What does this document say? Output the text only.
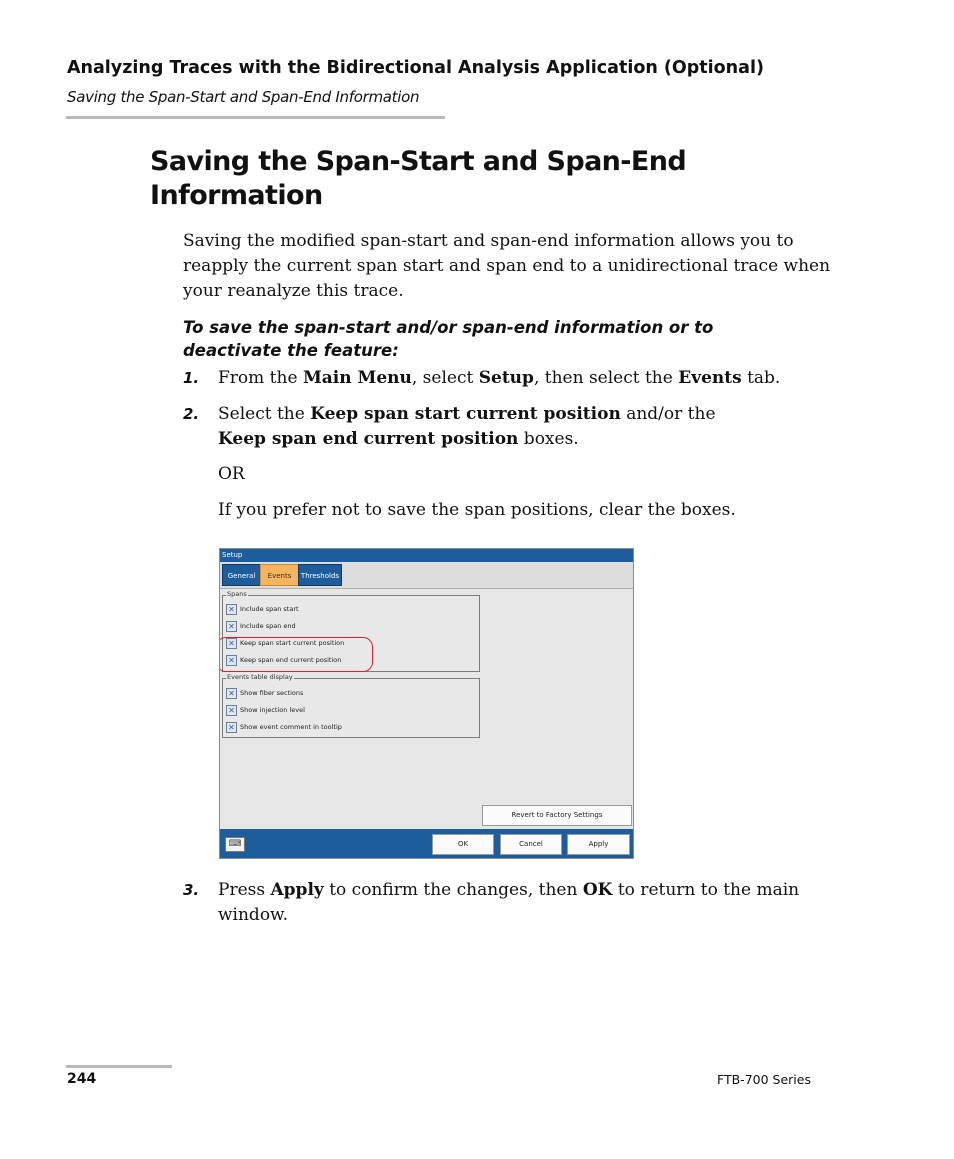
Analyzing Traces with the Bidirectional Analysis Application (Optional)
Saving the Span-Start and Span-End Information
Saving the Span-Start and Span-End
Information
Saving the modified span-start and span-end information allows you to reapply the current span start and span end to a unidirectional trace when your reanalyze this trace.
To save the span-start and/or span-end information or to deactivate the feature:
1. From the Main Menu, select Setup, then select the Events tab.
2. Select the Keep span start current position and/or the
Keep span end current position boxes.
OR
If you prefer not to save the span positions, clear the boxes.
Setup
General	Events	Thresholds
Spans
✕ Include span start
✕ Include span end
✕ Keep span start current position
✕ Keep span end current position
Events table display
✕ Show fiber sections
✕ Show injection level
✕ Show event comment in tooltip
Revert to Factory Settings
⌨	OK	Cancel	Apply
3. Press Apply to confirm the changes, then OK to return to the main window.
244	FTB-700 Series
